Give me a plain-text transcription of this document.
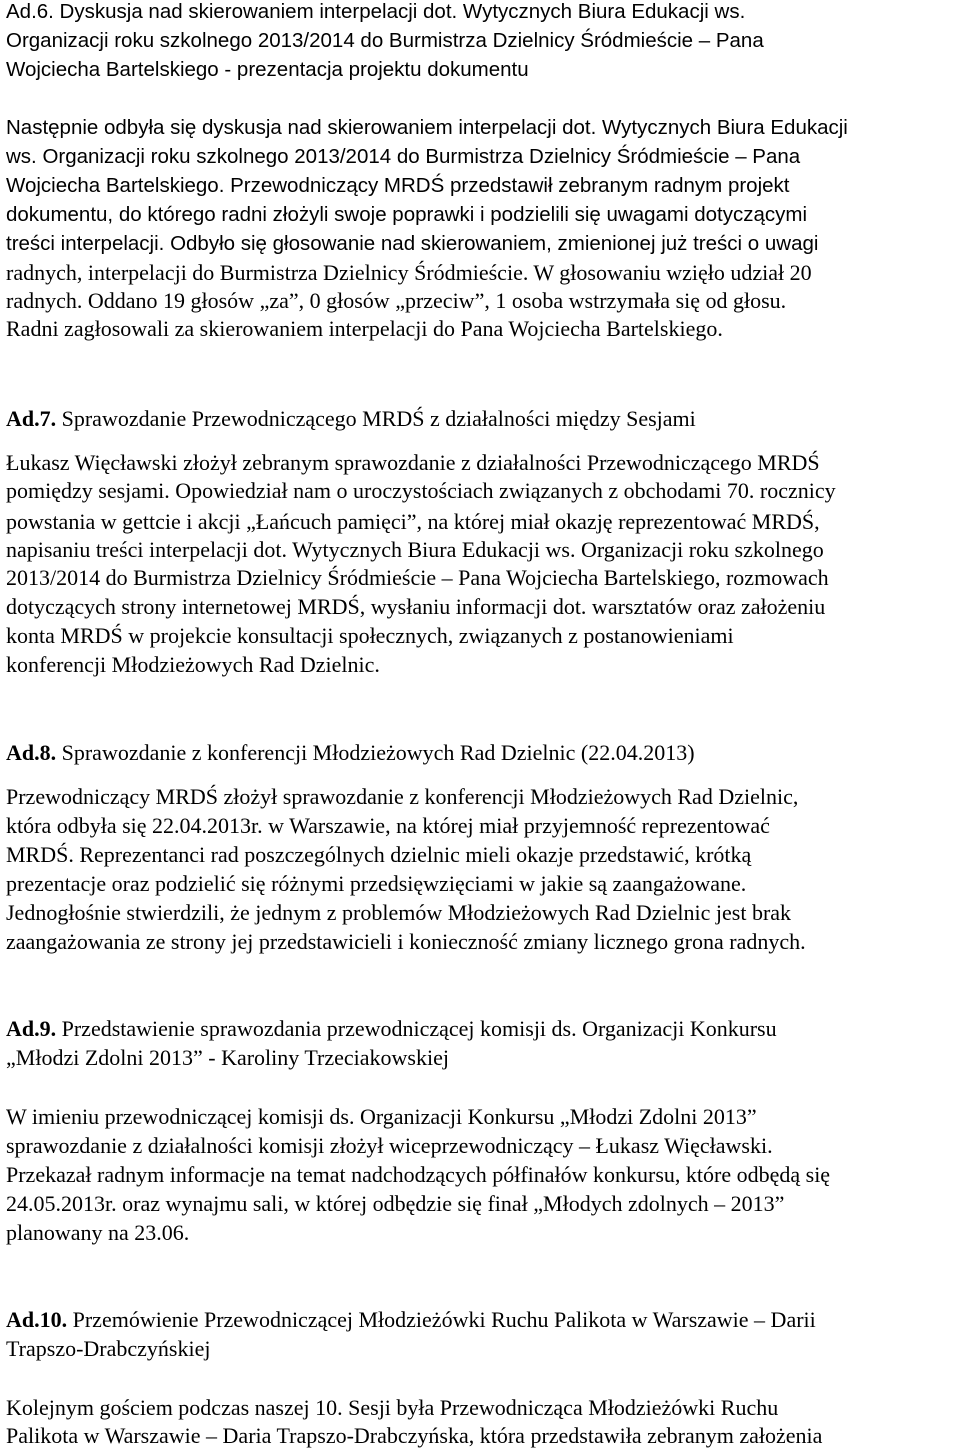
Ad.6. Dyskusja nad skierowaniem interpelacji dot. Wytycznych Biura Edukacji ws.

Organizacji roku szkolnego 2013/2014 do Burmistrza Dzielnicy Śródmieście – Pana

Wojciecha Bartelskiego - prezentacja projektu dokumentu

Następnie odbyła się dyskusja nad skierowaniem interpelacji dot. Wytycznych Biura Edukacji

ws. Organizacji roku szkolnego 2013/2014 do Burmistrza Dzielnicy Śródmieście – Pana

Wojciecha Bartelskiego. Przewodniczący MRDŚ przedstawił zebranym radnym projekt

dokumentu, do którego radni złożyli swoje poprawki i podzielili się uwagami dotyczącymi

treści interpelacji. Odbyło się głosowanie nad skierowaniem, zmienionej już treści o uwagi

radnych, interpelacji do Burmistrza Dzielnicy Śródmieście. W głosowaniu wzięło udział 20

radnych. Oddano 19 głosów „za”, 0 głosów „przeciw”, 1 osoba wstrzymała się od głosu.

Radni zagłosowali za skierowaniem interpelacji do Pana Wojciecha Bartelskiego.

Ad.7. Sprawozdanie Przewodniczącego MRDŚ z działalności między Sesjami

Łukasz Więcławski złożył zebranym sprawozdanie z działalności Przewodniczącego MRDŚ

pomiędzy sesjami. Opowiedział nam o uroczystościach związanych z obchodami 70. rocznicy

powstania w gettcie i akcji „Łańcuch pamięci”, na której miał okazję reprezentować MRDŚ,

napisaniu treści interpelacji dot. Wytycznych Biura Edukacji ws. Organizacji roku szkolnego

2013/2014 do Burmistrza Dzielnicy Śródmieście – Pana Wojciecha Bartelskiego, rozmowach

dotyczących strony internetowej MRDŚ, wysłaniu informacji dot. warsztatów oraz założeniu

konta MRDŚ w projekcie konsultacji społecznych, związanych z postanowieniami

konferencji Młodzieżowych Rad Dzielnic.

Ad.8. Sprawozdanie z konferencji Młodzieżowych Rad Dzielnic (22.04.2013)

Przewodniczący MRDŚ złożył sprawozdanie z konferencji Młodzieżowych Rad Dzielnic,

która odbyła się 22.04.2013r. w Warszawie, na której miał przyjemność reprezentować

MRDŚ. Reprezentanci rad poszczególnych dzielnic mieli okazje przedstawić, krótką

prezentacje oraz podzielić się różnymi przedsięwzięciami w jakie są zaangażowane.

Jednogłośnie stwierdzili, że jednym z problemów Młodzieżowych Rad Dzielnic jest brak

zaangażowania ze strony jej przedstawicieli i konieczność zmiany licznego grona radnych.

Ad.9. Przedstawienie sprawozdania przewodniczącej komisji ds. Organizacji Konkursu

„Młodzi Zdolni 2013” - Karoliny Trzeciakowskiej

W imieniu przewodniczącej komisji ds. Organizacji Konkursu „Młodzi Zdolni 2013”

sprawozdanie z działalności komisji złożył wiceprzewodniczący – Łukasz Więcławski.

Przekazał radnym informacje na temat nadchodzących półfinałów konkursu, które odbędą się

24.05.2013r. oraz wynajmu sali, w której odbędzie się finał „Młodych zdolnych – 2013”

planowany na 23.06.

Ad.10. Przemówienie Przewodniczącej Młodzieżówki Ruchu Palikota w Warszawie – Darii

Trapszo-Drabczyńskiej

Kolejnym gościem podczas naszej 10. Sesji była Przewodnicząca Młodzieżówki Ruchu

Palikota w Warszawie – Daria Trapszo-Drabczyńska, która przedstawiła zebranym założenia
